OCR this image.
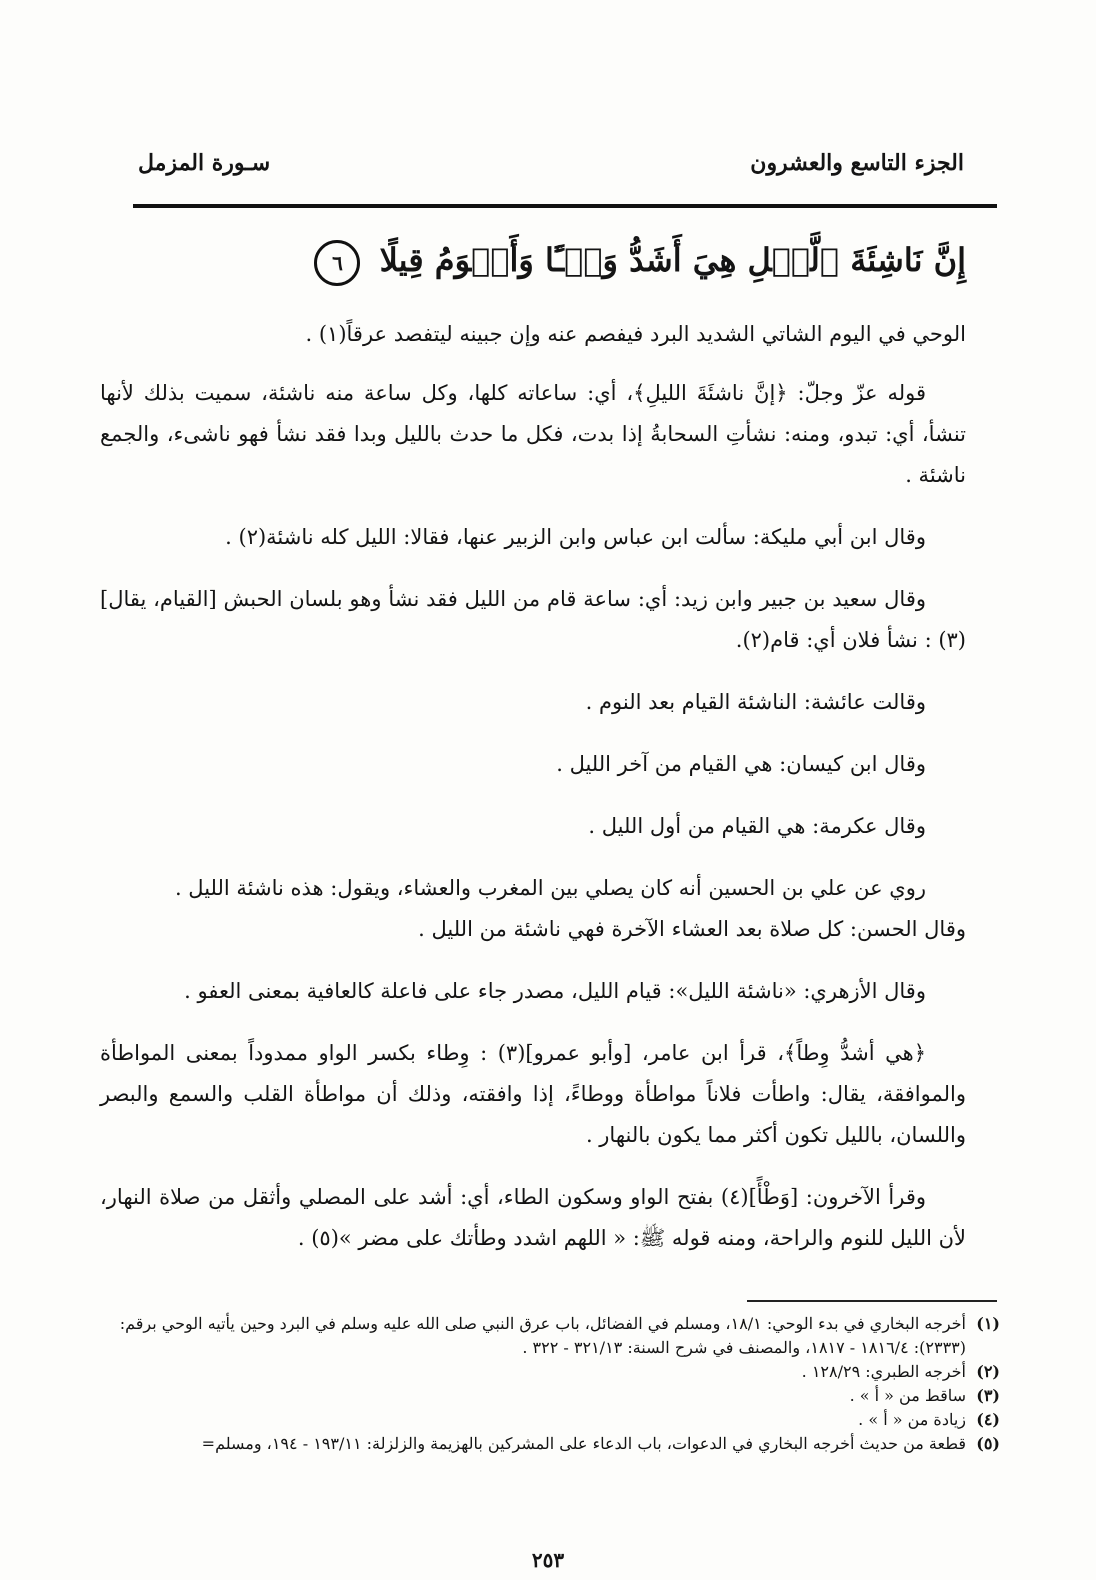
الجزء التاسع والعشرون
سـورة المزمل
إِنَّ نَاشِئَةَ ٱلَّيۡلِ هِيَ أَشَدُّ وَطۡـًٔا وَأَقۡوَمُ قِيلًا ٦

الوحي في اليوم الشاتي الشديد البرد فيفصم عنه وإن جبينه ليتفصد عرقاً(١) .

قوله عزّ وجلّ: ﴿إنَّ ناشئَةَ الليلِ﴾، أي: ساعاته كلها، وكل ساعة منه ناشئة، سميت بذلك لأنها تنشأ، أي: تبدو، ومنه: نشأتِ السحابةُ إذا بدت، فكل ما حدث بالليل وبدا فقد نشأ فهو ناشىء، والجمع ناشئة .

وقال ابن أبي مليكة: سألت ابن عباس وابن الزبير عنها، فقالا: الليل كله ناشئة(٢) .

وقال سعيد بن جبير وابن زيد: أي: ساعة قام من الليل فقد نشأ وهو بلسان الحبش [القيام، يقال](٣) : نشأ فلان أي: قام(٢).

وقالت عائشة: الناشئة القيام بعد النوم .

وقال ابن كيسان: هي القيام من آخر الليل .

وقال عكرمة: هي القيام من أول الليل .

روي عن علي بن الحسين أنه كان يصلي بين المغرب والعشاء، ويقول: هذه ناشئة الليل .

وقال الحسن: كل صلاة بعد العشاء الآخرة فهي ناشئة من الليل .

وقال الأزهري: «ناشئة الليل»: قيام الليل، مصدر جاء على فاعلة كالعافية بمعنى العفو .

﴿هي أشدُّ وِطاً﴾، قرأ ابن عامر، [وأبو عمرو](٣) : وِطاء بكسر الواو ممدوداً بمعنى المواطأة والموافقة، يقال: واطأت فلاناً مواطأة ووطاءً، إذا وافقته، وذلك أن مواطأة القلب والسمع والبصر واللسان، بالليل تكون أكثر مما يكون بالنهار .

وقرأ الآخرون: [وَطْأً](٤) بفتح الواو وسكون الطاء، أي: أشد على المصلي وأثقل من صلاة النهار، لأن الليل للنوم والراحة، ومنه قوله ﷺ: « اللهم اشدد وطأتك على مضر »(٥) .

(١)
أخرجه البخاري في بدء الوحي: ١٨/١، ومسلم في الفضائل، باب عرق النبي صلى الله عليه وسلم في البرد وحين يأتيه الوحي برقم: (٢٣٣٣): ١٨١٦/٤ - ١٨١٧، والمصنف في شرح السنة: ٣٢١/١٣ - ٣٢٢ .
(٢)
أخرجه الطبري: ١٢٨/٢٩ .
(٣)
ساقط من « أ » .
(٤)
زيادة من « أ » .
(٥)
قطعة من حديث أخرجه البخاري في الدعوات، باب الدعاء على المشركين بالهزيمة والزلزلة: ١٩٣/١١ - ١٩٤، ومسلم=
٢٥٣
